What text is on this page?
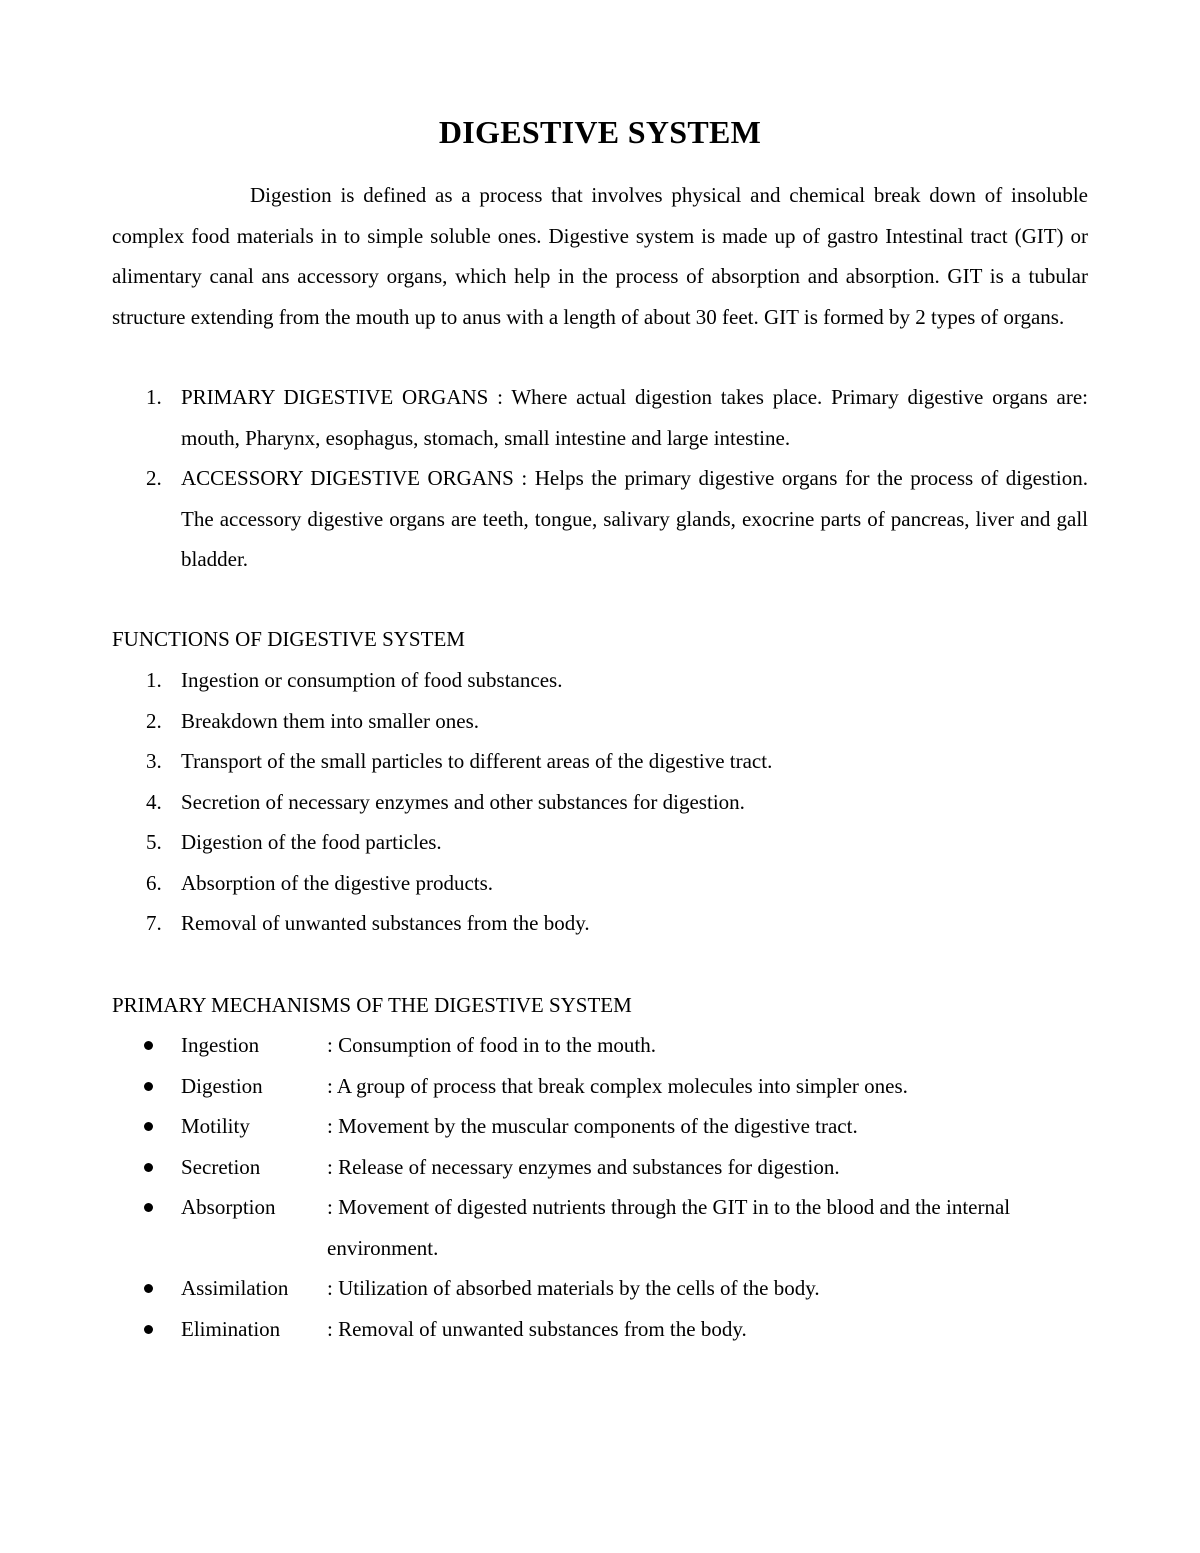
DIGESTIVE SYSTEM

Digestion is defined as a process that involves physical and chemical break down of insoluble complex food materials in to simple soluble ones. Digestive system is made up of gastro Intestinal tract (GIT) or alimentary canal ans accessory organs, which help in the process of absorption and absorption. GIT is a tubular structure extending from the mouth up to anus with a length of about 30 feet. GIT is formed by 2 types of organs.

1. PRIMARY DIGESTIVE ORGANS : Where actual digestion takes place. Primary digestive organs are: mouth, Pharynx, esophagus, stomach, small intestine and large intestine.
2. ACCESSORY DIGESTIVE ORGANS : Helps the primary digestive organs for the process of digestion. The accessory digestive organs are teeth, tongue, salivary glands, exocrine parts of pancreas, liver and gall bladder.
FUNCTIONS OF DIGESTIVE SYSTEM
1. Ingestion or consumption of food substances.
2. Breakdown them into smaller ones.
3. Transport of the small particles to different areas of the digestive tract.
4. Secretion of necessary enzymes and other substances for digestion.
5. Digestion of the food particles.
6. Absorption of the digestive products.
7. Removal of unwanted substances from the body.
PRIMARY MECHANISMS OF THE DIGESTIVE SYSTEM
Ingestion	: Consumption of food in to the mouth.
Digestion	: A group of process that break complex molecules into simpler ones.
Motility	: Movement by the muscular components of the digestive tract.
Secretion	: Release of necessary enzymes and substances for digestion.
Absorption : Movement of digested nutrients through the GIT in to the blood and the internal environment.
Assimilation : Utilization of absorbed materials by the cells of the body.
Elimination : Removal of unwanted substances from the body.
